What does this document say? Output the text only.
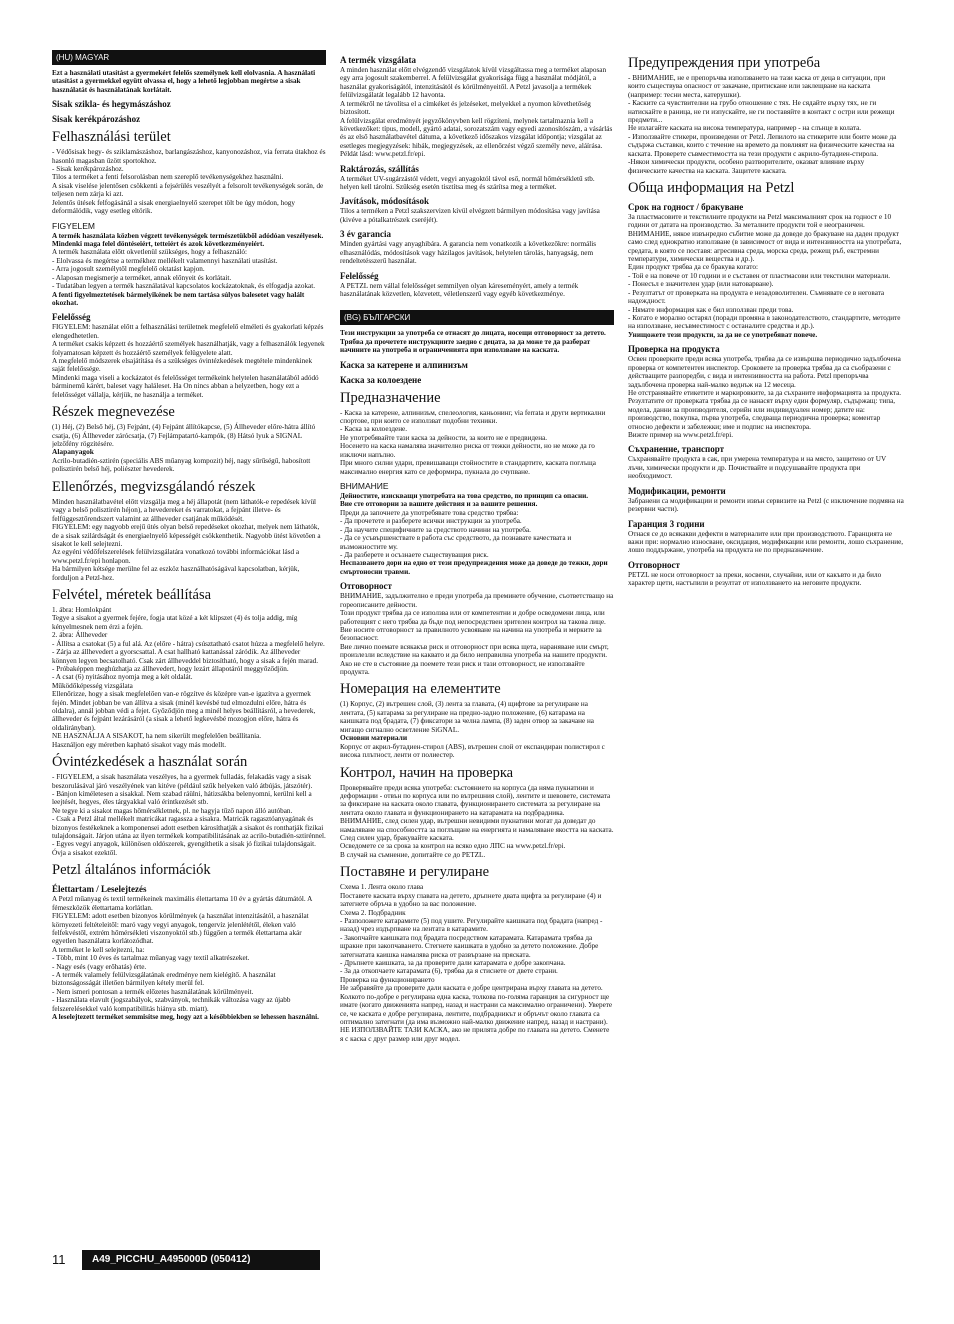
(HU) MAGYAR

Ezt a használati utasítást a gyermekért felelős személynek kell elolvasnia. A használati utasítást a gyermekkel együtt olvassa el, hogy a lehető legjobban megértse a sisak használatát és használatának korlátait.

Sisak szikla- és hegymászáshoz
Sisak kerékpározáshoz
Felhasználási terület

- Védősisak hegy- és sziklamászáshoz, barlangászáshoz, kanyonozáshoz, via ferrata útakhoz és hasonló magasban űzött sportokhoz.
- Sisak kerékpározáshoz.
Tilos a terméket a fenti felsorolásban nem szereplő tevékenységekhez használni.
A sisak viselése jelentősen csökkenti a fejsérülés veszélyét a felsorolt tevékenységek során, de teljesen nem zárja ki azt.
Jelentős ütések felfogásánál a sisak energiaelnyelő szerepet tölt be úgy módon, hogy deformálódik, vagy esetleg eltörik.

FIGYELEM

A termék használata közben végzett tevékenységek természetükből adódóan veszélyesek.
Mindenki maga felel döntéseiért, tetteiért és azok következményeiért.

A termék használata előtt okvetlenül szükséges, hogy a felhasználó:
- Elolvassa és megértse a termékhez mellékelt valamennyi használati utasítást.
- Arra jogosult személytől megfelelő oktatást kapjon.
- Alaposan megismerje a terméket, annak előnyeit és korlátait.
- Tudatában legyen a termék használatával kapcsolatos kockázatoknak, és elfogadja azokat.

A fenti figyelmeztetések bármelyikének be nem tartása súlyos balesetet vagy halált okozhat.

Felelősség

FIGYELEM: használat előtt a felhasználási területnek megfelelő elméleti és gyakorlati képzés elengedhetetlen.
A terméket csakis képzett és hozzáértő személyek használhatják, vagy a felhasználók legyenek folyamatosan képzett és hozzáértő személyek felügyelete alatt.
A megfelelő módszerek elsajátítása és a szükséges óvintézkedések megtétele mindenkinek saját felelőssége.
Mindenki maga viseli a kockázatot és felelősséget termékeink helytelen használatából adódó bárminemű kárért, baleset vagy haláleset. Ha On nincs abban a helyzetben, hogy ezt a felelősséget vállalja, kérjük, ne használja a terméket.

Részek megnevezése

(1) Héj, (2) Belső héj, (3) Fejpánt, (4) Fejpánt állítókapcse, (5) Állheveder előre-hátra állító csatja, (6) Állheveder zárócsatja, (7) Fejlámpatartó-kampók, (8) Hátsó lyuk a SIGNAL jelzőfény rögzítésére.

Alapanyagok

Acrilo-butadién-sztirén (speciális ABS műanyag kompozit) héj, nagy sűrűségű, habosított polisztirén belső héj, poliészter hevederek.

Ellenőrzés, megvizsgálandó részek

Minden használatbavétel előtt vizsgálja meg a héj állapotát (nem láthatók-e repedések kívül vagy a belső polisztirén héjon), a hevedereket és varratokat, a fejpánt illetve- és felfüggesztőrendszert valamint az állheveder csatjának működését.
FIGYELEM: egy nagyobb erejű ütés olyan belső repedéseket okozhat, melyek nem láthatók, de a sisak szilárdságát és energiaelnyelő képességét csökkenthetik. Nagyobb ütést követően a sisakot le kell selejtezni.
Az egyéni védőfelszerelések felülvizsgálatára vonatkozó további információkat lásd a www.petzl.fr/epi honlapon.
Ha bármilyen kétsége merülne fel az eszköz használhatóságával kapcsolatban, kérjük, forduljon a Petzl-hez.

Felvétel, méretek beállítása

1. ábra: Homlokpánt
Tegye a sisakot a gyermek fejére, fogja utat közé a két klipszet (4) és tolja addig, míg kényelmesnek nem érzi a fején.
2. ábra: Állheveder
- Állítsa a csatokat (5) a ful alá. Az (előre - hátra) csúsztatható csatot húzza a megfelelő helyre.
- Zárja az állhevedert a gyorscsattal. A csat hallható kattanással záródik. Az állheveder könnyen legyen becsatolható. Csak zárt állheveddel biztosítható, hogy a sisak a fején marad.
- Próbaképpen meghúzhatja az állhevedert, hogy lezárt állapotáról meggyőződjön.
- A csat (6) nyitásához nyomja meg a két oldalát.
Működőképesség vizsgálata
Ellenőrizze, hogy a sisak megfelelően van-e rögzítve és középre van-e igazítva a gyermek fején. Mindet jobban be van állítva a sisak (minél kevésbé tud elmozdulni előre, hátra és oldalra), annál jobban védi a fejet. Győződjön meg a minél helyes beállításról, a hevederek, állheveder és fejpánt lezárásáról (a sisak a lehető legkevésbé mozogjon előre, hátra és oldalirányban).
NE HASZNÁLJA A SISAKOT, ha nem sikerült megfelelően beállítania.
Használjon egy méretben kapható sisakot vagy más modellt.

Óvintézkedések a használat során

- FIGYELEM, a sisak használata veszélyes, ha a gyermek fulladás, felakadás vagy a sisak beszorulásával járó veszélyének van kitéve (például szűk helyeken való átbújás, játszótér).
- Bánjon kíméletesen a sisakkal. Nem szabad ráülni, hátizsákba belenyomni, kerülni kell a leejtését, hegyes, éles tárgyakkal való érintkezését stb.
Ne tegye ki a sisakot magas hőmérsékletnek, pl. ne hagyja tűző napon álló autóban.
- Csak a Petzl által mellékelt matricákat ragassza a sisakra. Matricák ragasztóanyagának és bizonyos festékeknek a komponensei adott esetben károsíthatják a sisakot és ronthatják fizikai tulajdonságait. Járjon utána az ilyen termékek kompatibilitásának az acrilo-butadién-sztirénnel.
- Egyes vegyi anyagok, különösen oldószerek, gyengíthetik a sisak jó fizikai tulajdonságait. Óvja a sisakot ezektől.

Petzl általános információk
Élettartam / Leselejtezés

A Petzl műanyag és textil termékeinek maximális élettartama 10 év a gyártás dátumától. A fémeszközök élettartama korlátlan.
FIGYELEM: adott esetben bizonyos körülmények (a használat intenzitásától, a használat környezeti feltételeitől: maró vagy vegyi anyagok, tengervíz jelenlététől, éleken való felfekvéstől, extrém hőmérsékleti viszonyoktól stb.) függően a termék élettartama akár egyetlen használatra korlátozódhat.
A terméket le kell selejtezni, ha:
- Több, mint 10 éves és tartalmaz műanyag vagy textil alkatrészeket.
- Nagy esés (vagy erőhatás) érte.
- A termék valamely felülvizsgálatának eredménye nem kielégítő. A használat biztonságosságát illetően bármilyen kétely merül fel.
- Nem ismeri pontosan a termék előzetes használatának körülményeit.
- Használata elavult (jogszabályok, szabványok, technikák változása vagy az újabb felszerelésekkel való kompatibilitás hiánya stb. miatt).

A leselejtezett terméket semmisítse meg, hogy azt a későbbiekben se lehessen használni.

A termék vizsgálata

A minden használat előtt elvégzendő vizsgálatok kívül vizsgáltassa meg a terméket alaposan egy arra jogosult szakemberrel. A felülvizsgálat gyakorisága függ a használat módjától, a használat gyakoriságától, intenzitásától és körülményeitől. A Petzl javasolja a termékek felülvizsgálatát legalább 12 havonta.
A termékről ne távolítsa el a címkéket és jelzéseket, melyekkel a nyomon követhetőség biztosított.
A felülvizsgálat eredményét jegyzőkönyvben kell rögzíteni, melynek tartalmaznia kell a következőket: típus, modell, gyártó adatai, sorozatszám vagy egyedi azonosítószám, a vásárlás és az első használatbavétel dátuma, a következő időszakos vizsgálat időpontja; vizsgálat az esetleges megjegyzések: hibák, megjegyzések, az ellenőrzést végző személy neve, aláírása.
Példát lásd: www.petzl.fr/epi.

Raktározás, szállítás

A terméket UV-sugárzástól védett, vegyi anyagoktól távol eső, normál hőmérsékletű stb. helyen kell tárolni. Szükség esetén tisztítsa meg és szárítsa meg a terméket.

Javítások, módosítások

Tilos a terméken a Petzl szakszervizen kívül elvégzett bármilyen módosítása vagy javítása (kivéve a pótalkatrészek cseréjét).

3 év garancia

Minden gyártási vagy anyaghibára. A garancia nem vonatkozik a következőkre: normális elhasználódás, módosítások vagy házilagos javítások, helytelen tárolás, hanyagság, nem rendeltetésszerű használat.

Felelősség

A PETZL nem vállal felelősséget semmilyen olyan káreseményért, amely a termék használatának közvetlen, közvetett, véletlenszerű vagy egyéb következménye.

(BG) БЪЛГАРСКИ

Тези инструкции за употреба се отнасят до лицата, носещи отговорност за детето. Трябва да прочетете инструкциите заедно с децата, за да може те да разберат начините на употреба и ограниченията при използване на каската.

Каска за катерене и алпинизъм
Каска за колоездене
Предназначение

- Каска за катерене, алпинизъм, спелеология, каньонинг, via ferrata и други вертикални спортове, при които се използват подобни техники.
- Каска за колоездене.
Не употребявайте тази каска за дейности, за които не е предвидена.
Носенето на каска намалява значително риска от тежки дейности, но не може да го изключи напълно.
При много силни удари, превишаващи стойностите в стандартите, каската поглъща максимално енергия като се деформира, пукнала до счупване.

ВНИМАНИЕ

Дейностите, изискващи употребата на това средство, по принцип са опасни.
Вие сте отговорни за вашите действия и за вашите решения.

Преди да започнете да употребявате това средство трябва:
- Да прочетете и разберете всички инструкции за употреба.
- Да научите специфичните за средството начини на употреба.
- Да се усъвършенствате в работа със средството, да познавате качествата и възможностите му.
- Да разберете и осъзнаете съществуващия риск.

Неспазването дори на едно от тези предупреждения може да доведе до тежки, дори смъртоносни травми.

Отговорност

ВНИМАНИЕ, задължително е преди употреба да преминете обучение, съответстващо на гореописаните дейности.
Този продукт трябва да се използва или от компетентни и добре осведомени лица, или работещият с него трябва да бъде под непосредствен зрителен контрол на такова лице.
Вие носите отговорност за правилното усвояване на начина на употреба и мерките за безопасност.
Вие лично поемате всякакъв риск и отговорност при всяка щета, нараняване или смърт, произлезли вследствие на каквато и да било неправилна употреба на нашите продукти. Ако не сте в състояние да поемете тези риск и тази отговорност, не използвайте продукта.

Номерация на елементите

(1) Корпус, (2) вътрешен слой, (3) лента за главата, (4) щифтове за регулиране на лентата, (5) катарама за регулиране на предно-задно положение, (6) катарама на каишката под брадата, (7) фиксатори за челна лампа, (8) заден отвор за закачане на мигащо сигнално осветление SiGNAL.

Основни материали

Корпус от акрил-бутадиен-стирол (ABS), вътрешен слой от експандиран полистирол с висока плътност, ленти от полиестер.

Контрол, начин на проверка

Проверявайте преди всяка употреба: състоянието на корпуса (да няма пукнатини и деформации - отвън по корпуса или по вътрешния слой), лентите и шевовете, системата за фиксиране на каската около главата, функционирането системата за регулиране на лентата около главата и функционирането на катарамата на подбрадника.
ВНИМАНИЕ, след силен удар, вътрешни невидими пукнатини могат да доведат до намаляване на способността за поглъщане на енергията и намаляване якостта на каската. След силен удар, бракувайте каската.
Осведомете се за срока за контрол на всяко едно ЛПС на www.petzl.fr/epi.
В случай на съмнение, допитайте се до PETZL.

Поставяне и регулиране

Схема 1. Лента около глава
Поставете каската върху главата на детето, дръпнете двата щифта за регулиране (4) и затегнете обръча в удобно за вас положение.
Схема 2. Подбрадник
- Разположете катарамите (5) под ушите. Регулирайте каишката под брадата (напред - назад) чрез издърпване на лентата в катарамите.
- Закопчайте каишката под брадата посредством катарамата. Катарамата трябва да щракне при закопчаването. Стегнете каишката в удобно за детето положение. Добре затегнатата каишка намалява риска от развързане на пряската.
- Дръпнете каишката, за да проверите дали катарамата е добре закопчана.
- За да откопчаете катарамата (6), трябва да я стиснете от двете страни.
Проверка на функционирането
Не забравяйте да проверите дали каската е добре центрирана върху главата на детето. Колкото по-добре е регулирана една каска, толкова по-голяма гаранция за сигурност ще имате (когато движенията напред, назад и настрани са максимално ограничени). Уверете се, че каската е добре регулирана, лентите, подбрадникът и обръчът около главата са оптимално затегнати (да има възможно най-малко движение напред, назад и настрани).
НЕ ИЗПОЛЗВАЙТЕ ТАЗИ КАСКА, ако не прилята добре по главата на детето. Сменете я с каска с друг размер или друг модел.

Предупреждения при употреба

- ВНИМАНИЕ, не е препоръчва използването на тази каска от деца в ситуации, при които съществува опасност от закачане, притискане или заклещване на каската (например: тесни места, катерушки).
- Каските са чувствителни на грубо отношение с тях. Не сядайте върху тях, не ги натискайте в раница, не ги изпускайте, не ги поставяйте в контакт с остри или режещи предмети...
Не излагайте каската на висока температура, например - на слънце в колата.
- Използвайте стикери, произведени от Petzl. Лепилото на стикерите или боите може да съдържа съставки, които с течение на времето да повлияят на физическите качества на каската. Проверете съвместимостта на тези продукти с акрило-бутадиен-стирола.
-Някои химически продукти, особено разтворителите, оказват влияние върху физическите качества на каската. Защитете каската.

Обща информация на Petzl
Срок на годност / бракуване

За пластмасовите и текстилните продукти на Petzl максималният срок на годност е 10 години от датата на производство. За металните продукти той е неограничен.
ВНИМАНИЕ, някое извънредно събитие може да доведе до бракуване на даден продукт само след еднократно използване (в зависимост от вида и интензивността на употребата, средата, в която се поставя: агресивна среда, морска среда, режещ ръб, екстремни температури, химически вещества и др.).
Един продукт трябва да се бракува когато:
- Той е на повече от 10 години и е съставен от пластмасови или текстилни материали.
- Понесъл е значителен удар (или натоварване).
- Резултатът от проверката на продукта е незадоволителен. Съмнявате се в неговата надеждност.
- Нямате информация как е бил използван преди това.
- Когато е морално остарял (поради промяна в законодателството, стандартите, методите на използване, несъвместимост с останалите средства и др.).

Унищожете тези продукти, за да не се употребяват повече.

Проверка на продукта

Освен проверките преди всяка употреба, трябва да се извършва периодично задълбочена проверка от компетентен инспектор. Сроковете за проверка трябва да са съобразени с действащите разпоредби, с вида и интензивността на работа. Petzl препоръчва задълбочена проверка най-малко веднъж на 12 месеца.
Не отстранявайте етикетите и маркировките, за да съхраните информацията за продукта.
Резултатите от проверката трябва да се нанасят върху един формуляр, съдържащ: типа, модела, данни за производителя, серийн или индивидуален номер; датите на: производство, покупка, първа употреба, следваща периодична проверка; коментар относно дефекти и забележки; име и подпис на инспектора.
Вижте пример на www.petzl.fr/epi.

Съхранение, транспорт

Съхранявайте продукта в сак, при умерена температура и на място, защитено от UV лъчи, химически продукти и др. Почиствайте и подсушавайте продукта при необходимост.

Модификации, ремонти

Забранени са модификации и ремонти извън сервизите на Petzl (с изключение подмяна на резервни части).

Гаранция 3 години

Отнася се до всякакви дефекти в материалите или при производството. Гаранцията не важи при: нормално износване, оксидация, модификации или ремонти, лошо съхранение, лошо поддържане, употреба на продукта не по предназначение.

Отговорност

PETZL не носи отговорност за преки, косвени, случайни, или от какъвто и да било характер щети, настъпили в резултат от използването на неговите продукти.

11	A49_PICCHU_A495000D (050412)
